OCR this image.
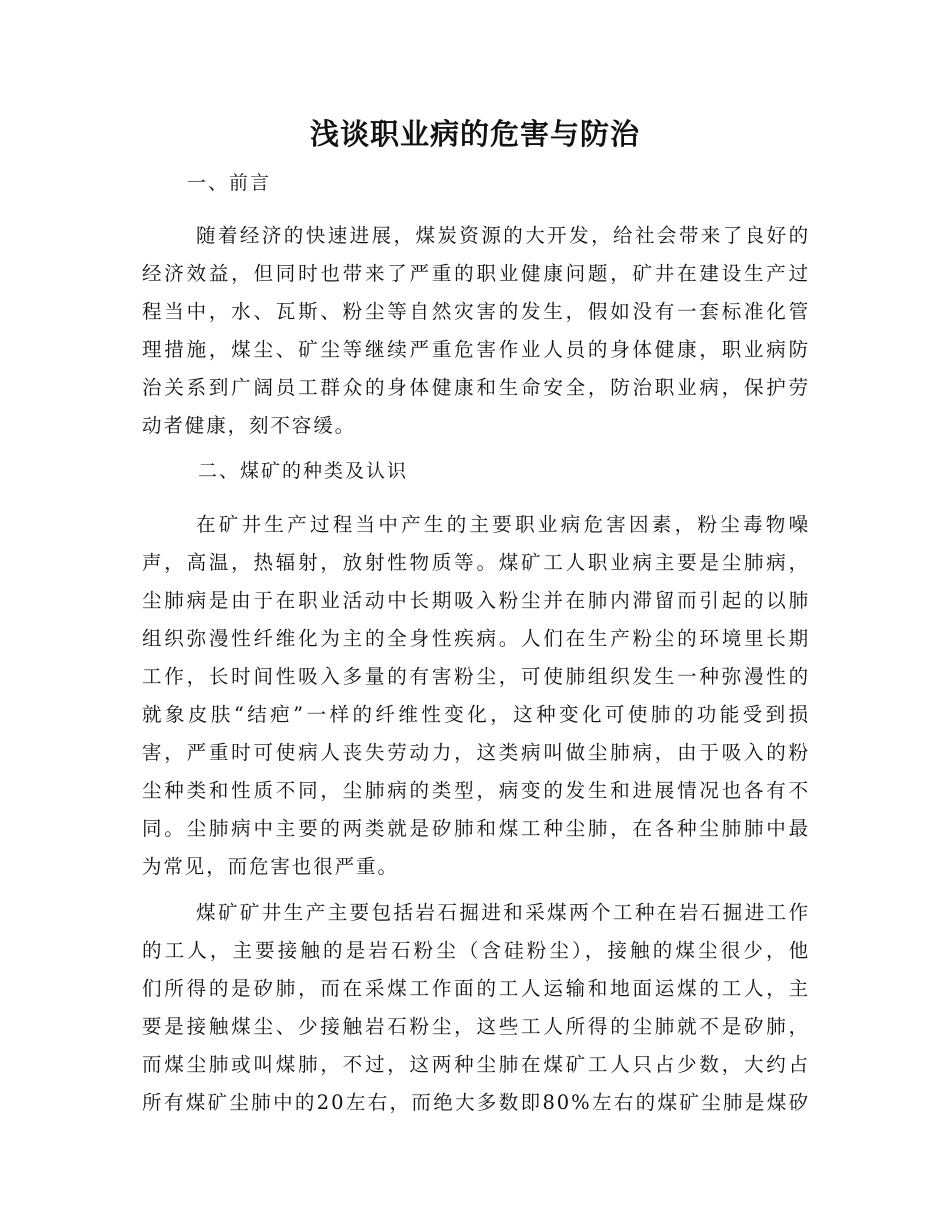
浅谈职业病的危害与防治
一、前言
随着经济的快速进展，煤炭资源的大开发，给社会带来了良好的
经济效益，但同时也带来了严重的职业健康问题，矿井在建设生产过
程当中，水、瓦斯、粉尘等自然灾害的发生，假如没有一套标准化管
理措施，煤尘、矿尘等继续严重危害作业人员的身体健康，职业病防
治关系到广阔员工群众的身体健康和生命安全，防治职业病，保护劳
动者健康，刻不容缓。
二、煤矿的种类及认识
在矿井生产过程当中产生的主要职业病危害因素，粉尘毒物噪
声，高温，热辐射，放射性物质等。煤矿工人职业病主要是尘肺病，
尘肺病是由于在职业活动中长期吸入粉尘并在肺内滞留而引起的以肺
组织弥漫性纤维化为主的全身性疾病。人们在生产粉尘的环境里长期
工作，长时间性吸入多量的有害粉尘，可使肺组织发生一种弥漫性的
就象皮肤“结疤”一样的纤维性变化，这种变化可使肺的功能受到损
害，严重时可使病人丧失劳动力，这类病叫做尘肺病，由于吸入的粉
尘种类和性质不同，尘肺病的类型，病变的发生和进展情况也各有不
同。尘肺病中主要的两类就是矽肺和煤工种尘肺，在各种尘肺肺中最
为常见，而危害也很严重。
煤矿矿井生产主要包括岩石掘进和采煤两个工种在岩石掘进工作
的工人，主要接触的是岩石粉尘（含硅粉尘），接触的煤尘很少，他
们所得的是矽肺，而在采煤工作面的工人运输和地面运煤的工人，主
要是接触煤尘、少接触岩石粉尘，这些工人所得的尘肺就不是矽肺，
而煤尘肺或叫煤肺，不过，这两种尘肺在煤矿工人只占少数，大约占
所有煤矿尘肺中的20左右，而绝大多数即80%左右的煤矿尘肺是煤矽
